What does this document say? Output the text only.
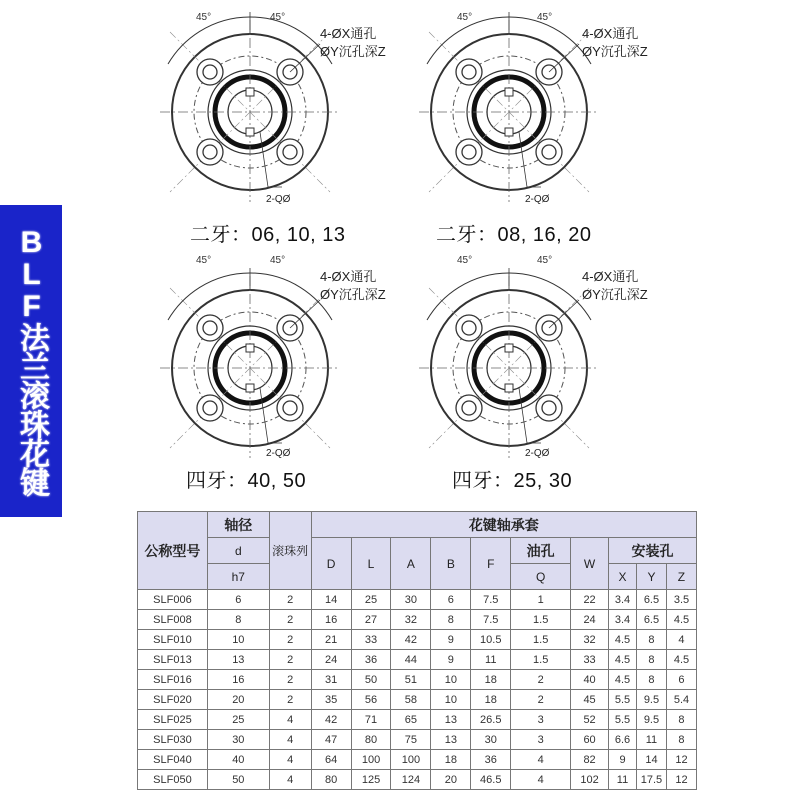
BLF法兰滚珠花键
45°	45°
4-ØX通孔
ØY沉孔深Z
2-QØ
45°	45°
4-ØX通孔
ØY沉孔深Z
2-QØ
45°	45°
4-ØX通孔
ØY沉孔深Z
2-QØ
45°	45°
4-ØX通孔
ØY沉孔深Z
2-QØ
二牙：06, 10, 13	二牙：08, 16, 20
四牙：40, 50	四牙：25, 30
公称型号	轴径	滚珠列	花键轴承套									
	d		D	L	A	B	F	油孔	W	安装孔		
	h7							Q		X	Y	Z
SLF006	6	2	14	25	30	6	7.5	1	22	3.4	6.5	3.5
SLF008	8	2	16	27	32	8	7.5	1.5	24	3.4	6.5	4.5
SLF010	10	2	21	33	42	9	10.5	1.5	32	4.5	8	4
SLF013	13	2	24	36	44	9	11	1.5	33	4.5	8	4.5
SLF016	16	2	31	50	51	10	18	2	40	4.5	8	6
SLF020	20	2	35	56	58	10	18	2	45	5.5	9.5	5.4
SLF025	25	4	42	71	65	13	26.5	3	52	5.5	9.5	8
SLF030	30	4	47	80	75	13	30	3	60	6.6	11	8
SLF040	40	4	64	100	100	18	36	4	82	9	14	12
SLF050	50	4	80	125	124	20	46.5	4	102	11	17.5	12
